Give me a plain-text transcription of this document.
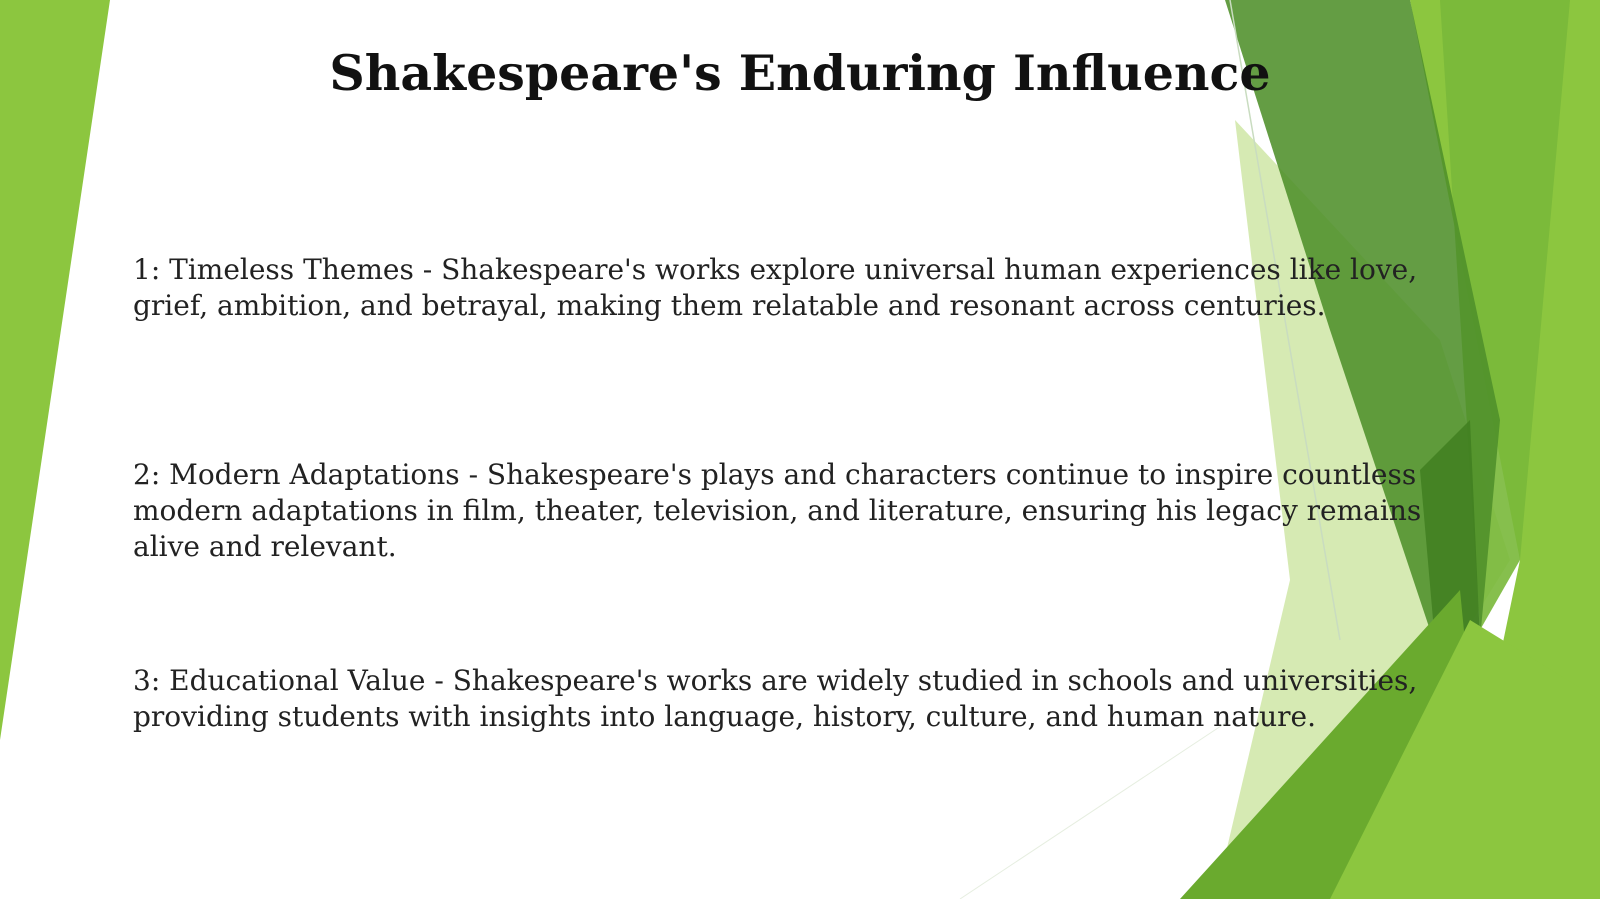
Shakespeare's Enduring Influence

1: Timeless Themes - Shakespeare's works explore universal human experiences like love, grief, ambition, and betrayal, making them relatable and resonant across centuries.

2: Modern Adaptations - Shakespeare's plays and characters continue to inspire countless modern adaptations in film, theater, television, and literature, ensuring his legacy remains alive and relevant.

3: Educational Value - Shakespeare's works are widely studied in schools and universities, providing students with insights into language, history, culture, and human nature.
